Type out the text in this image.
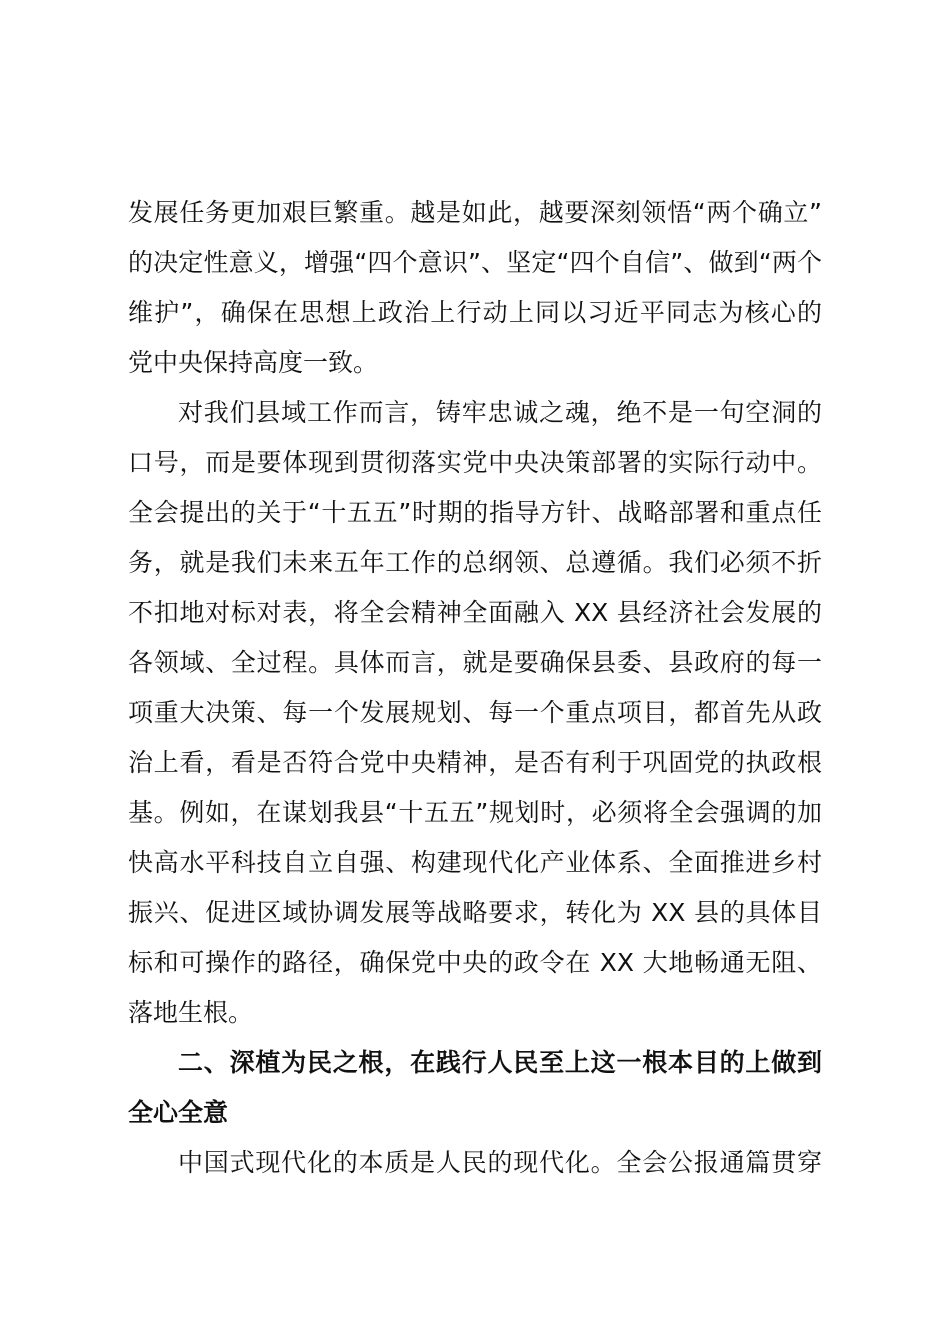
发展任务更加艰巨繁重。越是如此，越要深刻领悟“两个确立”
的决定性意义，增强“四个意识”、坚定“四个自信”、做到“两个
维护”，确保在思想上政治上行动上同以习近平同志为核心的
党中央保持高度一致。
对我们县域工作而言，铸牢忠诚之魂，绝不是一句空洞的
口号，而是要体现到贯彻落实党中央决策部署的实际行动中。
全会提出的关于“十五五”时期的指导方针、战略部署和重点任
务，就是我们未来五年工作的总纲领、总遵循。我们必须不折
不扣地对标对表，将全会精神全面融入 XX 县经济社会发展的
各领域、全过程。具体而言，就是要确保县委、县政府的每一
项重大决策、每一个发展规划、每一个重点项目，都首先从政
治上看，看是否符合党中央精神，是否有利于巩固党的执政根
基。例如，在谋划我县“十五五”规划时，必须将全会强调的加
快高水平科技自立自强、构建现代化产业体系、全面推进乡村
振兴、促进区域协调发展等战略要求，转化为 XX 县的具体目
标和可操作的路径，确保党中央的政令在 XX 大地畅通无阻、
落地生根。
二、深植为民之根，在践行人民至上这一根本目的上做到
全心全意
中国式现代化的本质是人民的现代化。全会公报通篇贯穿
